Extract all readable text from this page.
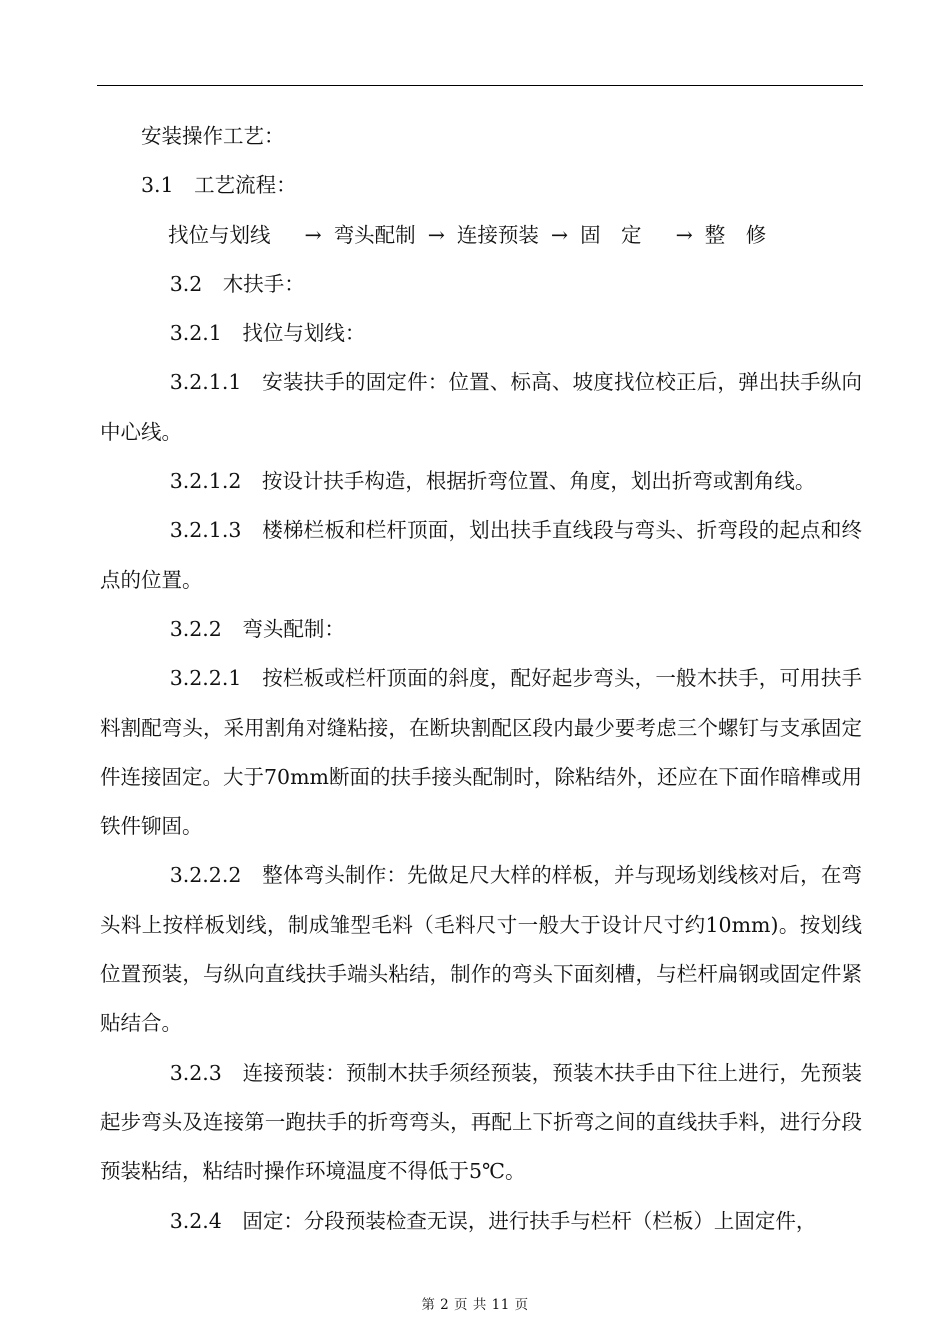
安装操作工艺：

3.1　工艺流程：

找位与划线 → 弯头配制 → 连接预装 → 固　定 → 整　修

3.2　木扶手：

3.2.1　找位与划线：

3.2.1.1　安装扶手的固定件：位置、标高、坡度找位校正后，弹出扶手纵向中心线。

3.2.1.2　按设计扶手构造，根据折弯位置、角度，划出折弯或割角线。

3.2.1.3　楼梯栏板和栏杆顶面，划出扶手直线段与弯头、折弯段的起点和终点的位置。

3.2.2　弯头配制：

3.2.2.1　按栏板或栏杆顶面的斜度，配好起步弯头，一般木扶手，可用扶手料割配弯头，采用割角对缝粘接，在断块割配区段内最少要考虑三个螺钉与支承固定件连接固定。大于70mm断面的扶手接头配制时，除粘结外，还应在下面作暗榫或用铁件铆固。

3.2.2.2　整体弯头制作：先做足尺大样的样板，并与现场划线核对后，在弯头料上按样板划线，制成雏型毛料（毛料尺寸一般大于设计尺寸约10mm)。按划线位置预装，与纵向直线扶手端头粘结，制作的弯头下面刻槽，与栏杆扁钢或固定件紧贴结合。

3.2.3　连接预装：预制木扶手须经预装，预装木扶手由下往上进行，先预装起步弯头及连接第一跑扶手的折弯弯头，再配上下折弯之间的直线扶手料，进行分段预装粘结，粘结时操作环境温度不得低于5℃。

3.2.4　固定：分段预装检查无误，进行扶手与栏杆（栏板）上固定件，

第 2 页 共 11 页
